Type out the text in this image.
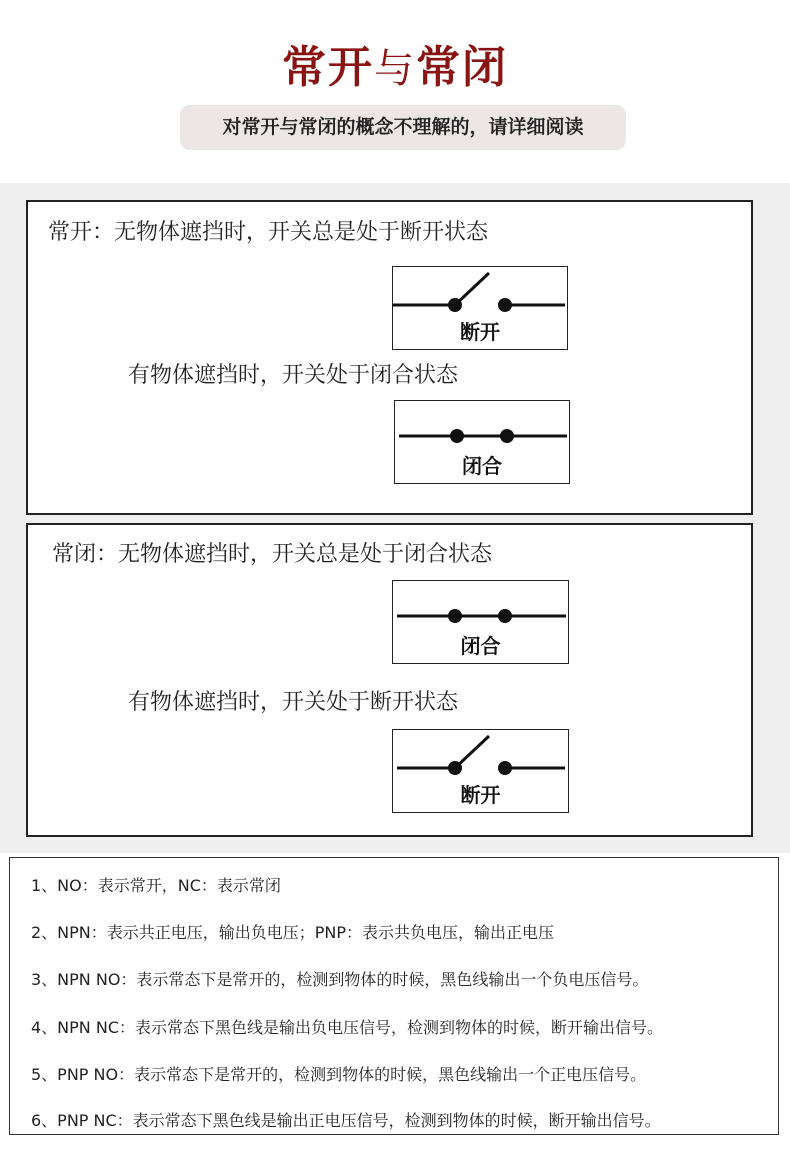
常开与常闭
对常开与常闭的概念不理解的，请详细阅读
常开：无物体遮挡时，开关总是处于断开状态
断开
有物体遮挡时，开关处于闭合状态
闭合
常闭：无物体遮挡时，开关总是处于闭合状态
闭合
有物体遮挡时，开关处于断开状态
断开
1、NO：表示常开，NC：表示常闭
2、NPN：表示共正电压，输出负电压；PNP：表示共负电压，输出正电压
3、NPN NO：表示常态下是常开的，检测到物体的时候，黑色线输出一个负电压信号。
4、NPN NC：表示常态下黑色线是输出负电压信号，检测到物体的时候，断开输出信号。
5、PNP NO：表示常态下是常开的，检测到物体的时候，黑色线输出一个正电压信号。
6、PNP NC：表示常态下黑色线是输出正电压信号，检测到物体的时候，断开输出信号。
